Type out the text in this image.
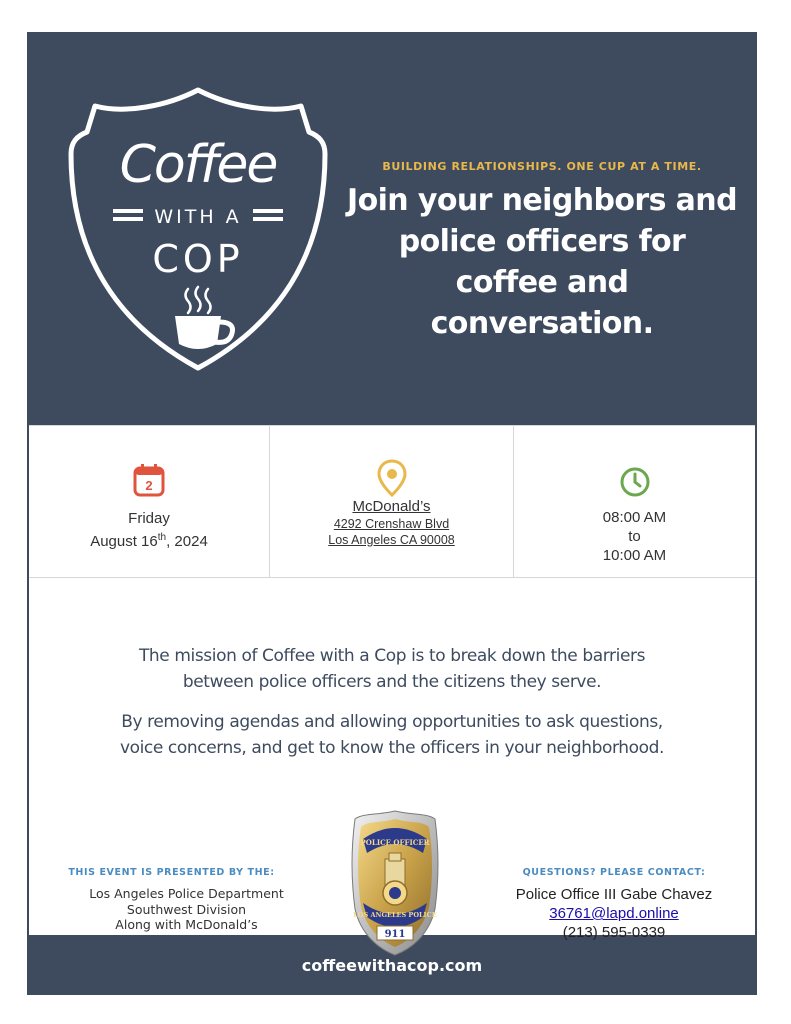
Coffee
WITH A
COP
BUILDING RELATIONSHIPS. ONE CUP AT A TIME.
Join your neighbors and police officers for coffee and conversation.
2
Friday
August 16th, 2024
McDonald’s
4292 Crenshaw Blvd
Los Angeles CA 90008
08:00 AM
to
10:00 AM

The mission of Coffee with a Cop is to break down the barriers between police officers and the citizens they serve.

By removing agendas and allowing opportunities to ask questions, voice concerns, and get to know the officers in your neighborhood.

THIS EVENT IS PRESENTED BY THE:
Los Angeles Police Department
Southwest Division
Along with McDonald’s
POLICE OFFICER
LOS ANGELES POLICE
911
QUESTIONS? PLEASE CONTACT:
Police Office III Gabe Chavez
36761@lapd.online
(213) 595-0339
coffeewithacop.com
